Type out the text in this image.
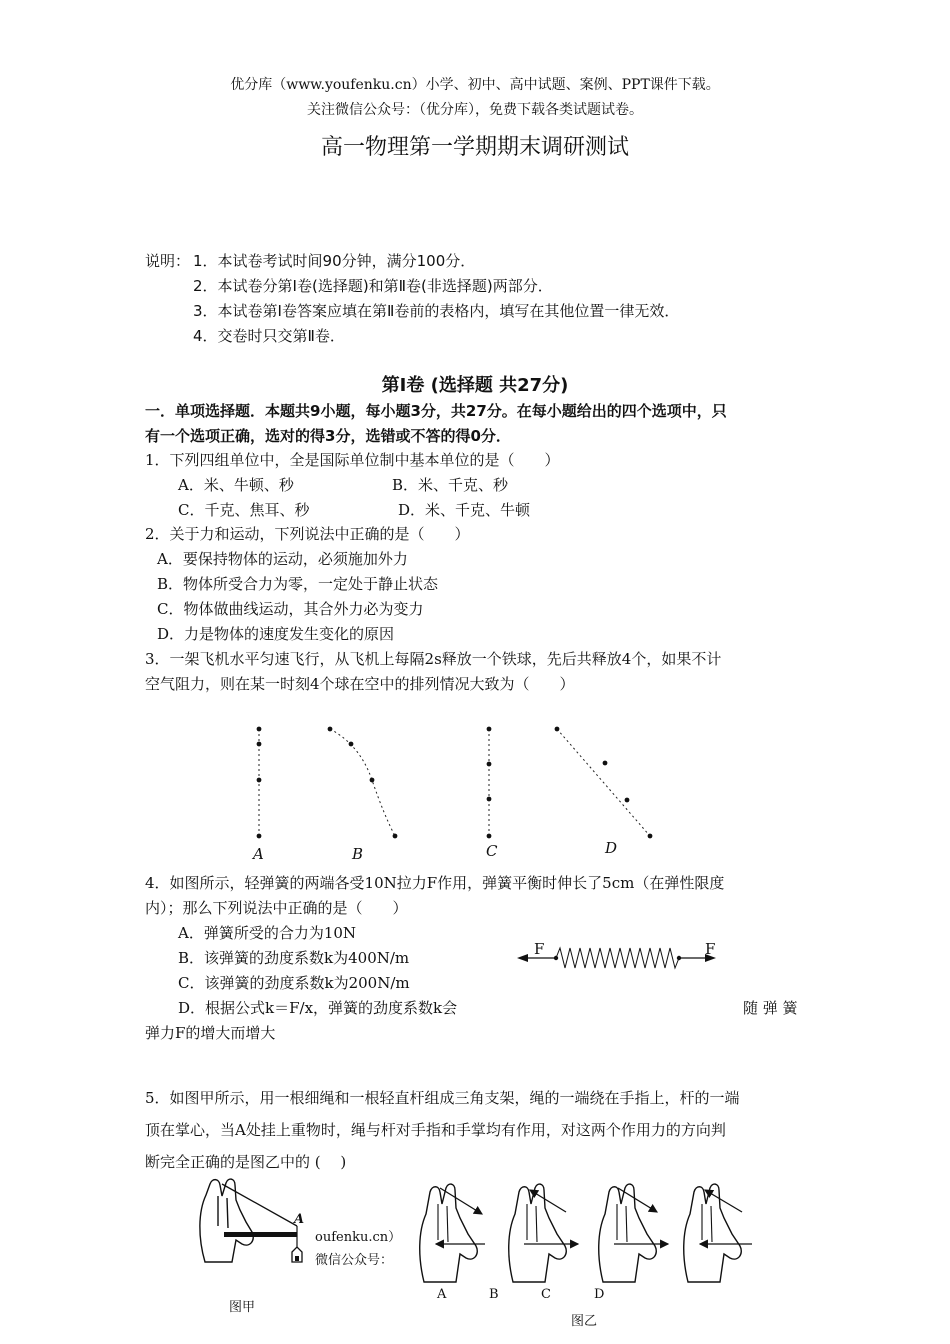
优分库（www.youfenku.cn）小学、初中、高中试题、案例、PPT课件下载。
关注微信公众号：（优分库），免费下载各类试题试卷。
高一物理第一学期期末调研测试
说明： 1．本试卷考试时间90分钟，满分100分．
2．本试卷分第Ⅰ卷(选择题)和第Ⅱ卷(非选择题)两部分．
3．本试卷第Ⅰ卷答案应填在第Ⅱ卷前的表格内，填写在其他位置一律无效．
4．交卷时只交第Ⅱ卷．
第Ⅰ卷 (选择题 共27分)
一．单项选择题．本题共9小题，每小题3分，共27分。在每小题给出的四个选项中，只
有一个选项正确，选对的得3分，选错或不答的得0分．
1．下列四组单位中，全是国际单位制中基本单位的是（　　）
A．米、牛顿、秒	B．米、千克、秒
C．千克、焦耳、秒	D．米、千克、牛顿
2．关于力和运动，下列说法中正确的是（　　）
A．要保持物体的运动，必须施加外力
B．物体所受合力为零，一定处于静止状态
C．物体做曲线运动，其合外力必为变力
D．力是物体的速度发生变化的原因
3．一架飞机水平匀速飞行，从飞机上每隔2s释放一个铁球，先后共释放4个，如果不计
空气阻力，则在某一时刻4个球在空中的排列情况大致为（　　）
A	B	C	D
4．如图所示，轻弹簧的两端各受10N拉力F作用，弹簧平衡时伸长了5cm（在弹性限度
内）；那么下列说法中正确的是（　　）
A．弹簧所受的合力为10N
B．该弹簧的劲度系数k为400N/m
C．该弹簧的劲度系数k为200N/m
D．根据公式k＝F/x，弹簧的劲度系数k会	随 弹 簧
弹力F的增大而增大
F	F
5．如图甲所示，用一根细绳和一根轻直杆组成三角支架，绳的一端绕在手指上，杆的一端
顶在掌心，当A处挂上重物时，绳与杆对手指和手掌均有作用，对这两个作用力的方向判
断完全正确的是图乙中的 (　 )
A
oufenku.cn）
微信公众号：
图甲
A	B	C	D
图乙
